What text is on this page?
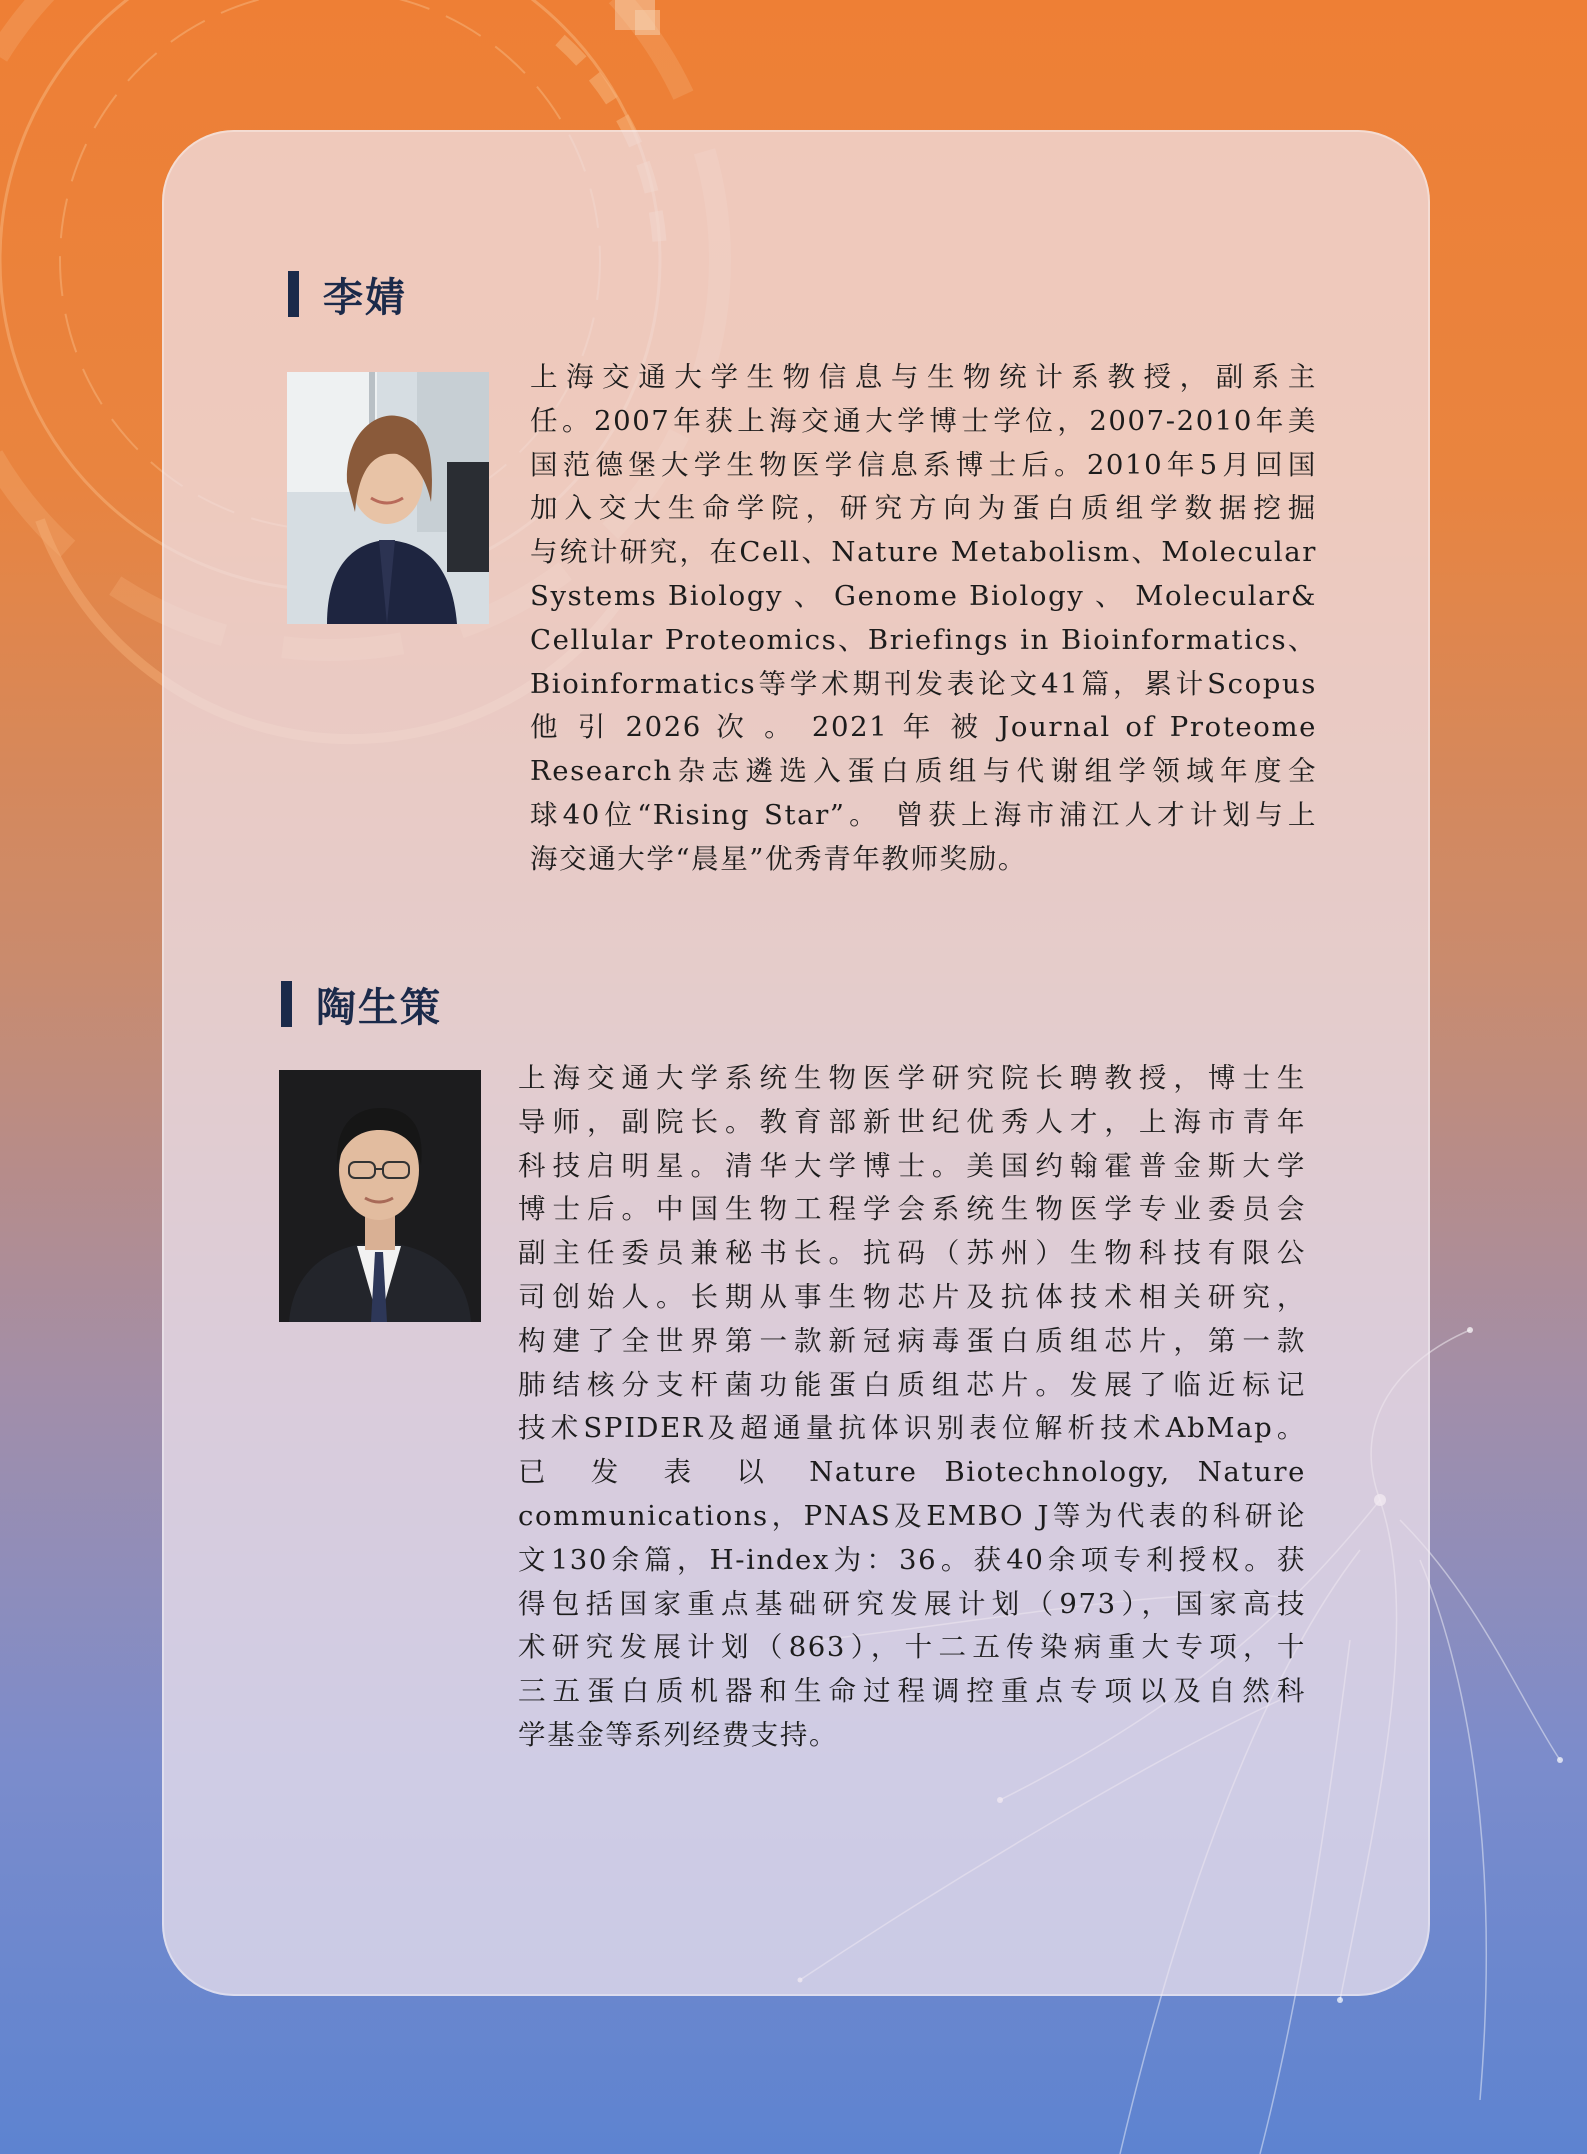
李婧

上海交通大学生物信息与生物统计系教授，副系主
任。2007年获上海交通大学博士学位，2007-2010年美
国范德堡大学生物医学信息系博士后。2010年5月回国
加入交大生命学院，研究方向为蛋白质组学数据挖掘
与统计研究，在Cell、Nature Metabolism、Molecular
Systems Biology 、 Genome Biology 、 Molecular&
Cellular Proteomics、Briefings in Bioinformatics、
Bioinformatics等学术期刊发表论文41篇，累计Scopus
他 引 2026 次 。 2021 年 被 Journal of Proteome
Research杂志遴选入蛋白质组与代谢组学领域年度全
球40位“Rising Star”。 曾获上海市浦江人才计划与上
海交通大学“晨星”优秀青年教师奖励。

陶生策

上海交通大学系统生物医学研究院长聘教授，博士生
导师，副院长。教育部新世纪优秀人才，上海市青年
科技启明星。清华大学博士。美国约翰霍普金斯大学
博士后。中国生物工程学会系统生物医学专业委员会
副主任委员兼秘书长。抗码（苏州）生物科技有限公
司创始人。长期从事生物芯片及抗体技术相关研究，
构建了全世界第一款新冠病毒蛋白质组芯片，第一款
肺结核分支杆菌功能蛋白质组芯片。发展了临近标记
技术SPIDER及超通量抗体识别表位解析技术AbMap。
已 发 表 以 Nature Biotechnology, Nature
communications，PNAS及EMBO J等为代表的科研论
文130余篇，H-index为：36。获40余项专利授权。获
得包括国家重点基础研究发展计划（973），国家高技
术研究发展计划（863），十二五传染病重大专项，十
三五蛋白质机器和生命过程调控重点专项以及自然科
学基金等系列经费支持。
